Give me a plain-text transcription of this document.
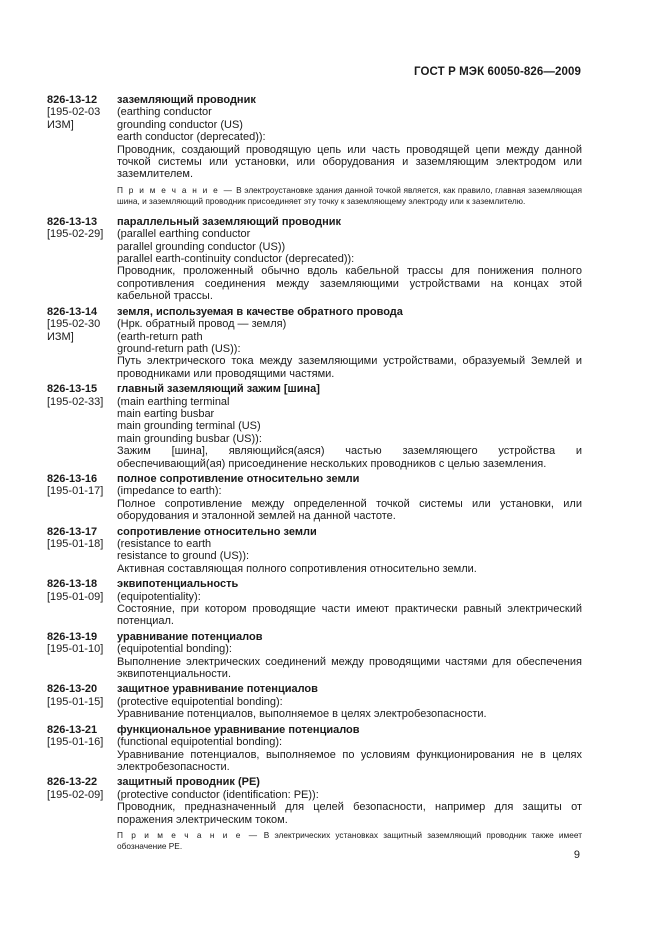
ГОСТ Р МЭК 60050-826—2009
826-13-12
[195-02-03
ИЗМ]
заземляющий проводник
(earthing conductor
grounding conductor (US)
earth conductor (deprecated)):
Проводник, создающий проводящую цепь или часть проводящей цепи между данной точкой системы или установки, или оборудования и заземляющим электродом или заземлителем.
П р и м е ч а н и е — В электроустановке здания данной точкой является, как правило, главная заземляющая шина, и заземляющий проводник присоединяет эту точку к заземляющему электроду или к заземлителю.
826-13-13
[195-02-29]
параллельный заземляющий проводник
(parallel earthing conductor
parallel grounding conductor (US))
parallel earth-continuity conductor (deprecated)):
Проводник, проложенный обычно вдоль кабельной трассы для понижения полного сопротивления соединения между заземляющими устройствами на концах этой кабельной трассы.
826-13-14
[195-02-30
ИЗМ]
земля, используемая в качестве обратного провода
(Нрк. обратный провод — земля)
(earth-return path
ground-return path (US)):
Путь электрического тока между заземляющими устройствами, образуемый Землей и проводниками или проводящими частями.
826-13-15
[195-02-33]
главный заземляющий зажим [шина]
(main earthing terminal
main earting busbar
main grounding terminal (US)
main grounding busbar (US)):
Зажим [шина], являющийся(аяся) частью заземляющего устройства и обеспечивающий(ая) присоединение нескольких проводников с целью заземления.
826-13-16
[195-01-17]
полное сопротивление относительно земли
(impedance to earth):
Полное сопротивление между определенной точкой системы или установки, или оборудования и эталонной землей на данной частоте.
826-13-17
[195-01-18]
сопротивление относительно земли
(resistance to earth
resistance to ground (US)):
Активная составляющая полного сопротивления относительно земли.
826-13-18
[195-01-09]
эквипотенциальность
(equipotentiality):
Состояние, при котором проводящие части имеют практически равный электрический потенциал.
826-13-19
[195-01-10]
уравнивание потенциалов
(equipotential bonding):
Выполнение электрических соединений между проводящими частями для обеспечения эквипотенциальности.
826-13-20
[195-01-15]
защитное уравнивание потенциалов
(protective equipotential bonding):
Уравнивание потенциалов, выполняемое в целях электробезопасности.
826-13-21
[195-01-16]
функциональное уравнивание потенциалов
(functional equipotential bonding):
Уравнивание потенциалов, выполняемое по условиям функционирования не в целях электробезопасности.
826-13-22
[195-02-09]
защитный проводник (PE)
(protective conductor (identification: PE)):
Проводник, предназначенный для целей безопасности, например для защиты от поражения электрическим током.
П р и м е ч а н и е — В электрических установках защитный заземляющий проводник также имеет обозначение PE.
9
